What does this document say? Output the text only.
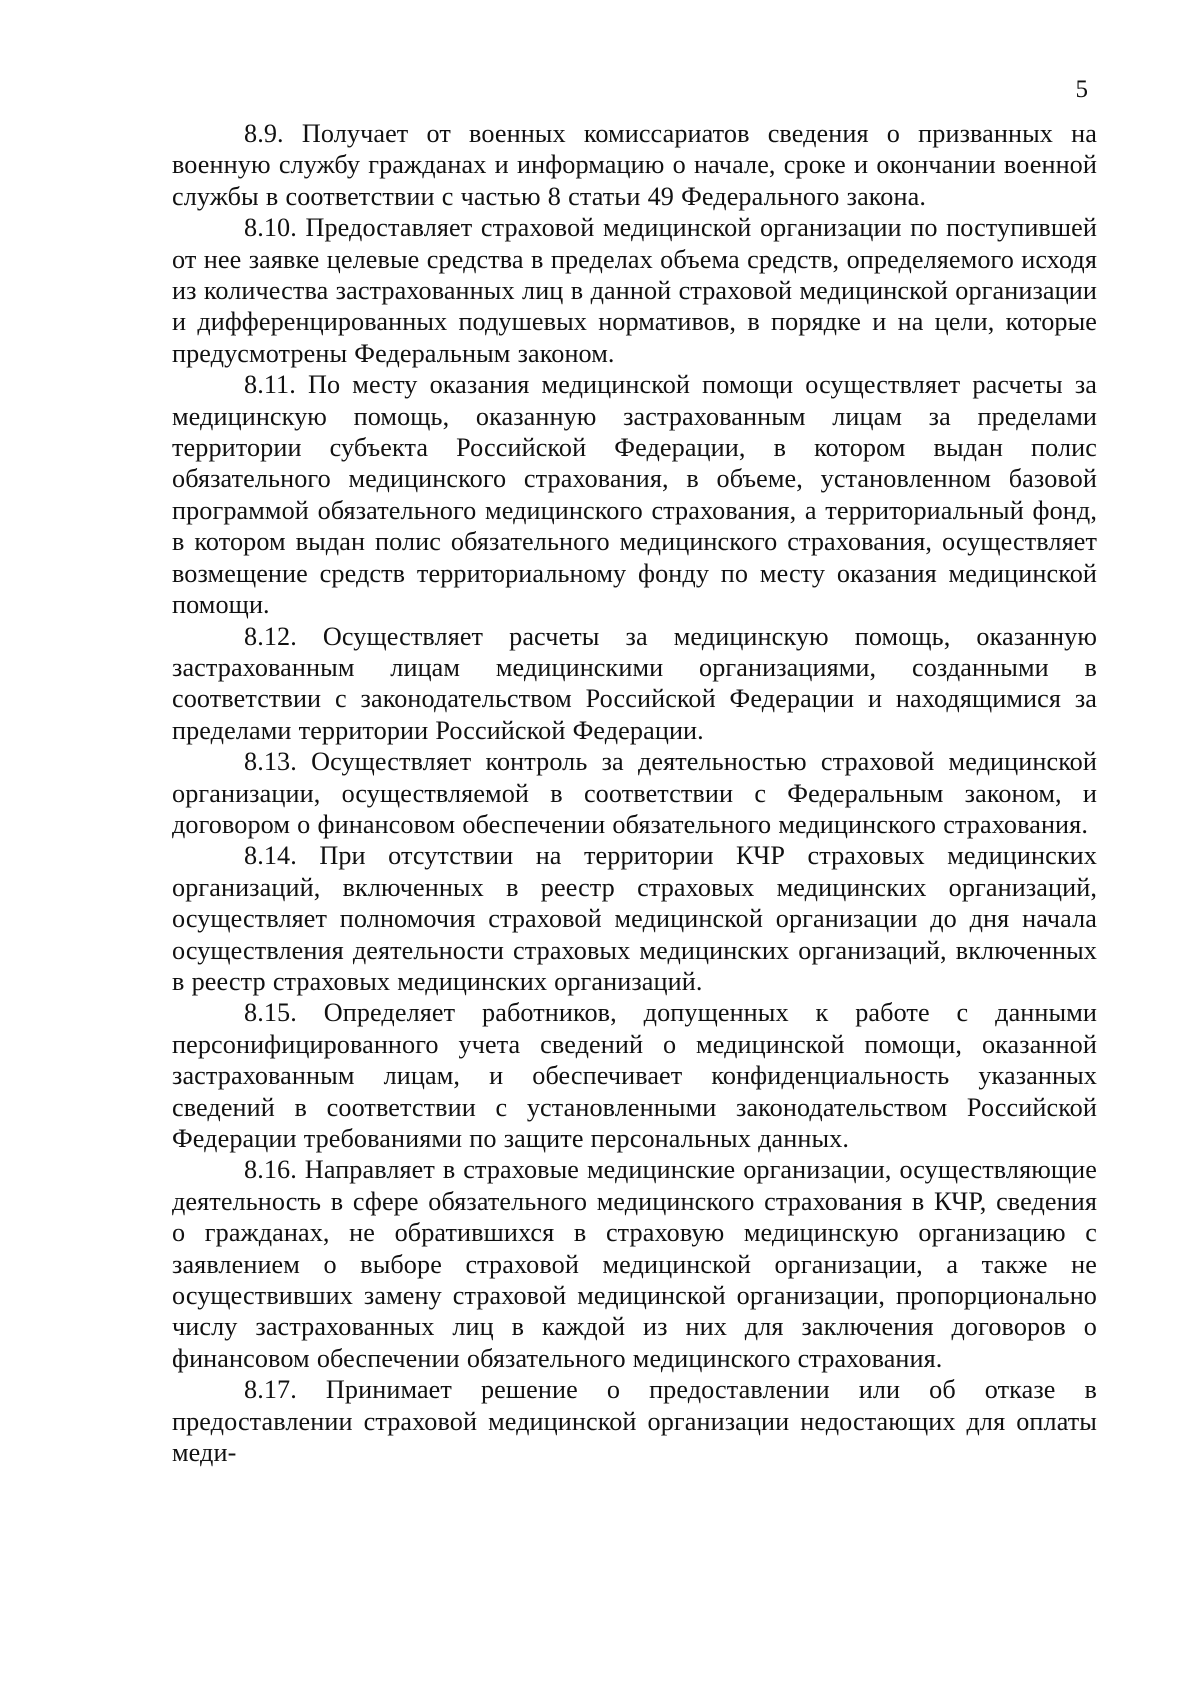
5

8.9. Получает от военных комиссариатов сведения о призванных на военную службу гражданах и информацию о начале, сроке и окончании военной службы в соответствии с частью 8 статьи 49 Федерального закона.

8.10. Предоставляет страховой медицинской организации по поступившей от нее заявке целевые средства в пределах объема средств, определяемого исходя из количества застрахованных лиц в данной страховой медицинской организации и дифференцированных подушевых нормативов, в порядке и на цели, которые предусмотрены Федеральным законом.

8.11. По месту оказания медицинской помощи осуществляет расчеты за медицинскую помощь, оказанную застрахованным лицам за пределами территории субъекта Российской Федерации, в котором выдан полис обязательного медицинского страхования, в объеме, установленном базовой программой обязательного медицинского страхования, а территориальный фонд, в котором выдан полис обязательного медицинского страхования, осуществляет возмещение средств территориальному фонду по месту оказания медицинской помощи.

8.12. Осуществляет расчеты за медицинскую помощь, оказанную застрахованным лицам медицинскими организациями, созданными в соответствии с законодательством Российской Федерации и находящимися за пределами территории Российской Федерации.

8.13. Осуществляет контроль за деятельностью страховой медицинской организации, осуществляемой в соответствии с Федеральным законом, и договором о финансовом обеспечении обязательного медицинского страхования.

8.14. При отсутствии на территории КЧР страховых медицинских организаций, включенных в реестр страховых медицинских организаций, осуществляет полномочия страховой медицинской организации до дня начала осуществления деятельности страховых медицинских организаций, включенных в реестр страховых медицинских организаций.

8.15. Определяет работников, допущенных к работе с данными персонифицированного учета сведений о медицинской помощи, оказанной застрахованным лицам, и обеспечивает конфиденциальность указанных сведений в соответствии с установленными законодательством Российской Федерации требованиями по защите персональных данных.

8.16. Направляет в страховые медицинские организации, осуществляющие деятельность в сфере обязательного медицинского страхования в КЧР, сведения о гражданах, не обратившихся в страховую медицинскую организацию с заявлением о выборе страховой медицинской организации, а также не осуществивших замену страховой медицинской организации, пропорционально числу застрахованных лиц в каждой из них для заключения договоров о финансовом обеспечении обязательного медицинского страхования.

8.17. Принимает решение о предоставлении или об отказе в предоставлении страховой медицинской организации недостающих для оплаты меди-
